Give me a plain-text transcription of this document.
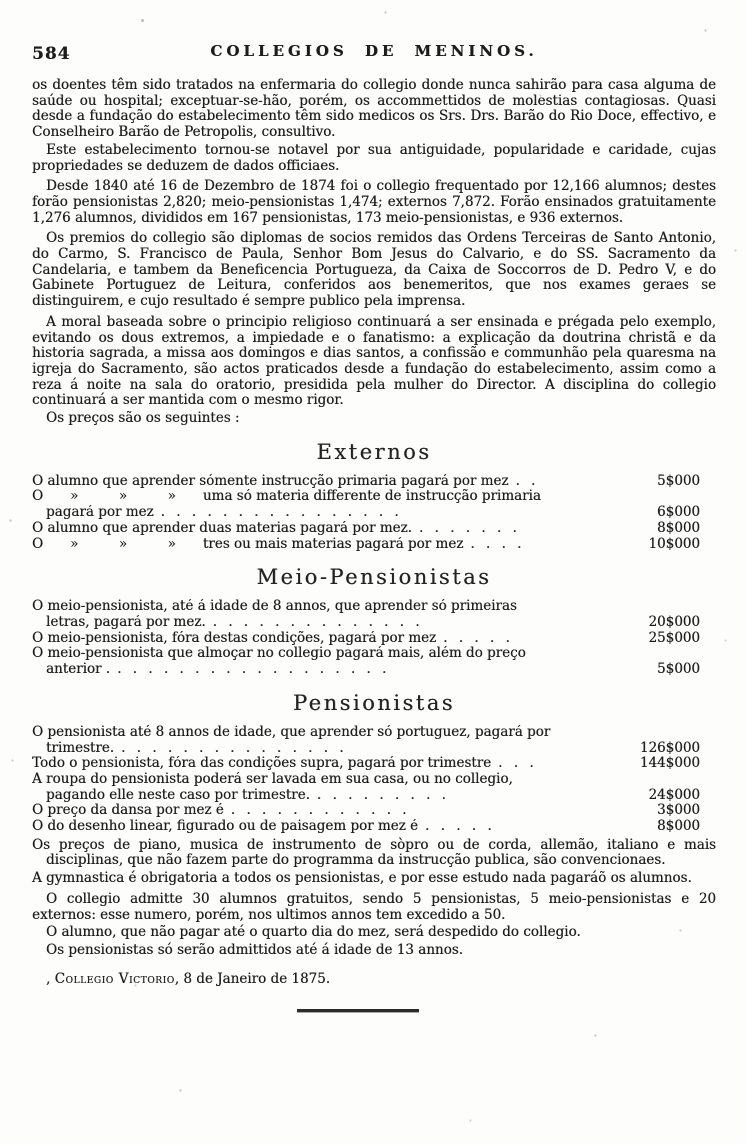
584	COLLEGIOS DE MENINOS.

os doentes têm sido tratados na enfermaria do collegio donde nunca sahirão para casa alguma de saúde ou hospital; exceptuar-se-hão, porém, os accommettidos de molestias contagiosas. Quasi desde a fundação do estabelecimento têm sido medicos os Srs. Drs. Barão do Rio Doce, effectivo, e Conselheiro Barão de Petropolis, consultivo.

Este estabelecimento tornou-se notavel por sua antiguidade, popularidade e caridade, cujas propriedades se deduzem de dados officiaes.

Desde 1840 até 16 de Dezembro de 1874 foi o collegio frequentado por 12,166 alumnos; destes forão pensionistas 2,820; meio-pensionistas 1,474; externos 7,872. Forão ensinados gratuitamente 1,276 alumnos, divididos em 167 pensionistas, 173 meio-pensionistas, e 936 externos.

Os premios do collegio são diplomas de socios remidos das Ordens Terceiras de Santo Antonio, do Carmo, S. Francisco de Paula, Senhor Bom Jesus do Calvario, e do SS. Sacramento da Candelaria, e tambem da Beneficencia Portugueza, da Caixa de Soccorros de D. Pedro V, e do Gabinete Portuguez de Leitura, conferidos aos benemeritos, que nos exames geraes se distinguirem, e cujo resultado é sempre publico pela imprensa.

A moral baseada sobre o principio religioso continuará a ser ensinada e prégada pelo exemplo, evitando os dous extremos, a impiedade e o fanatismo: a explicação da doutrina christã e da historia sagrada, a missa aos domingos e dias santos, a confissão e communhão pela quaresma na igreja do Sacramento, são actos praticados desde a fundação do estabelecimento, assim como a reza á noite na sala do oratorio, presidida pela mulher do Director. A disciplina do collegio continuará a ser mantida com o mesmo rigor.

Os preços são os seguintes :

Externos
O alumno que aprender sómente instrucção primaria pagará por mez . .	5$000
O  »   »   »  uma só materia differente de instrucção primaria
pagará por mez . . . . . . . . . . . . . . . .	6$000
O alumno que aprender duas materias pagará por mez. . . . . . . .	8$000
O  »   »   »  tres ou mais materias pagará por mez . . . .	10$000
Meio-Pensionistas
O meio-pensionista, até á idade de 8 annos, que aprender só primeiras
letras, pagará por mez. . . . . . . . . . . . . . .	20$000
O meio-pensionista, fóra destas condições, pagará por mez . . . . .	25$000
O meio-pensionista que almoçar no collegio pagará mais, além do preço
anterior . . . . . . . . . . . . . . . . . . .	5$000
Pensionistas
O pensionista até 8 annos de idade, que aprender só portuguez, pagará por
trimestre. . . . . . . . . . . . . . . .	126$000
Todo o pensionista, fóra das condições supra, pagará por trimestre . . .	144$000
A roupa do pensionista poderá ser lavada em sua casa, ou no collegio,
pagando elle neste caso por trimestre. . . . . . . . . .	24$000
O preço da dansa por mez é . . . . . . . . . . . .	3$000
O do desenho linear, figurado ou de paisagem por mez é . . . . .	8$000

Os preços de piano, musica de instrumento de sòpro ou de corda, allemão, italiano e mais disciplinas, que não fazem parte do programma da instrucção publica, são convencionaes.

A gymnastica é obrigatoria a todos os pensionistas, e por esse estudo nada pagaráõ os alumnos.

O collegio admitte 30 alumnos gratuitos, sendo 5 pensionistas, 5 meio-pensionistas e 20 externos: esse numero, porém, nos ultimos annos tem excedido a 50.

O alumno, que não pagar até o quarto dia do mez, será despedido do collegio.

Os pensionistas só serão admittidos até á idade de 13 annos.

, Collegio Victorio, 8 de Janeiro de 1875.
